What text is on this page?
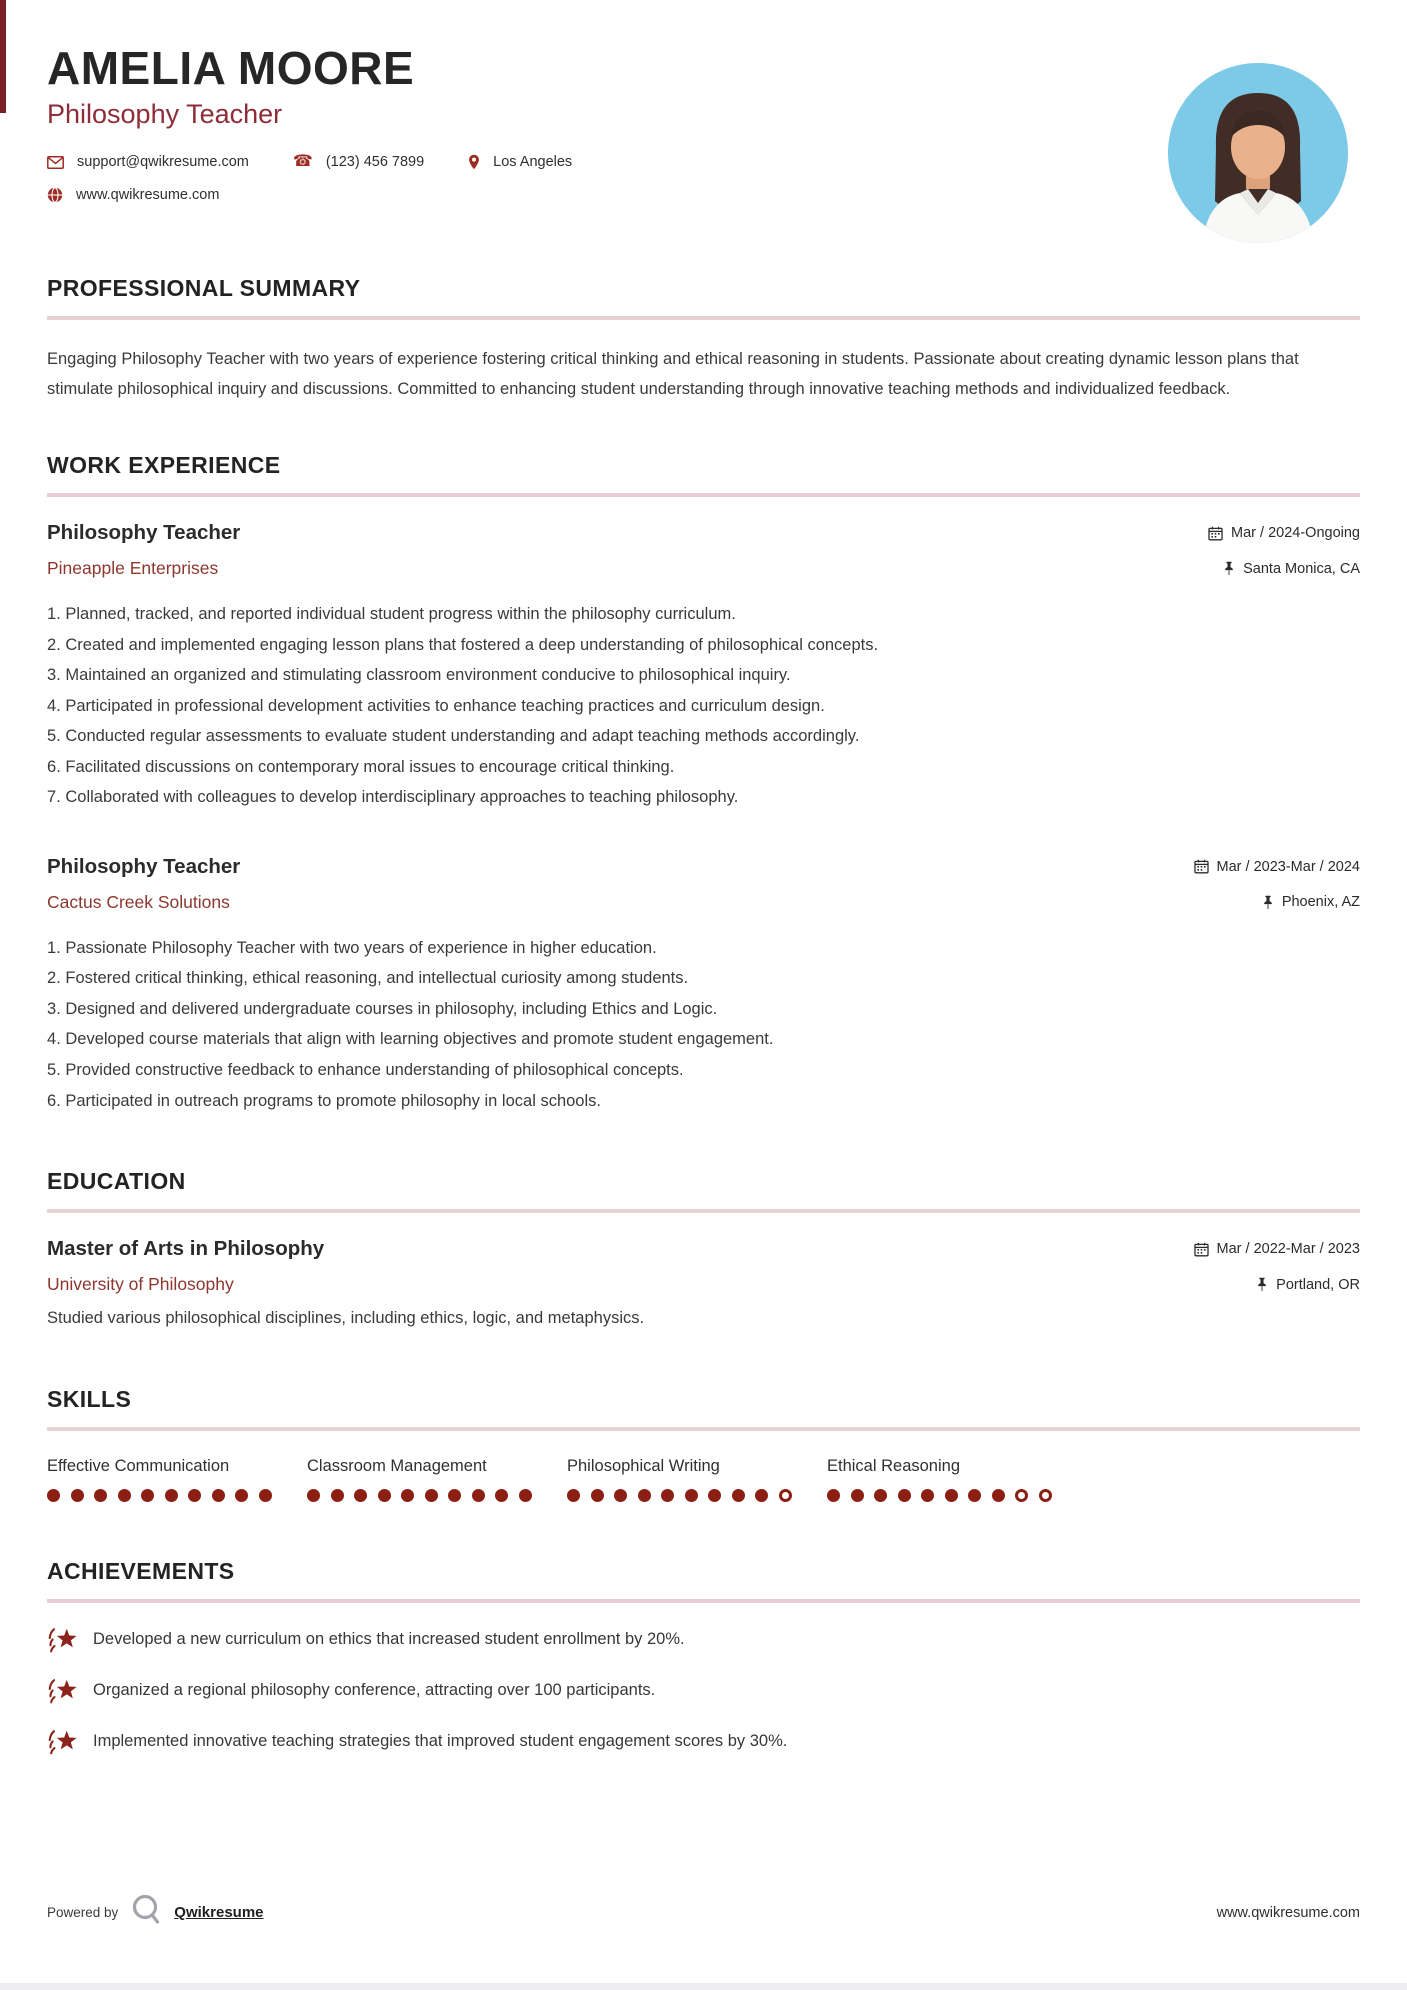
AMELIA MOORE
Philosophy Teacher
support@qwikresume.com	☎ (123) 456 7899	Los Angeles
www.qwikresume.com
PROFESSIONAL SUMMARY

Engaging Philosophy Teacher with two years of experience fostering critical thinking and ethical reasoning in students. Passionate about creating dynamic lesson plans that stimulate philosophical inquiry and discussions. Committed to enhancing student understanding through innovative teaching methods and individualized feedback.

WORK EXPERIENCE
Philosophy Teacher	Mar / 2024-Ongoing
Pineapple Enterprises	Santa Monica, CA
Planned, tracked, and reported individual student progress within the philosophy curriculum.
Created and implemented engaging lesson plans that fostered a deep understanding of philosophical concepts.
Maintained an organized and stimulating classroom environment conducive to philosophical inquiry.
Participated in professional development activities to enhance teaching practices and curriculum design.
Conducted regular assessments to evaluate student understanding and adapt teaching methods accordingly.
Facilitated discussions on contemporary moral issues to encourage critical thinking.
Collaborated with colleagues to develop interdisciplinary approaches to teaching philosophy.
Philosophy Teacher	Mar / 2023-Mar / 2024
Cactus Creek Solutions	Phoenix, AZ
Passionate Philosophy Teacher with two years of experience in higher education.
Fostered critical thinking, ethical reasoning, and intellectual curiosity among students.
Designed and delivered undergraduate courses in philosophy, including Ethics and Logic.
Developed course materials that align with learning objectives and promote student engagement.
Provided constructive feedback to enhance understanding of philosophical concepts.
Participated in outreach programs to promote philosophy in local schools.
EDUCATION
Master of Arts in Philosophy	Mar / 2022-Mar / 2023
University of Philosophy	Portland, OR
Studied various philosophical disciplines, including ethics, logic, and metaphysics.
SKILLS
Effective Communication	Classroom Management	Philosophical Writing	Ethical Reasoning
ACHIEVEMENTS
Developed a new curriculum on ethics that increased student enrollment by 20%.
Organized a regional philosophy conference, attracting over 100 participants.
Implemented innovative teaching strategies that improved student engagement scores by 30%.
Powered by	Qwikresume	www.qwikresume.com
